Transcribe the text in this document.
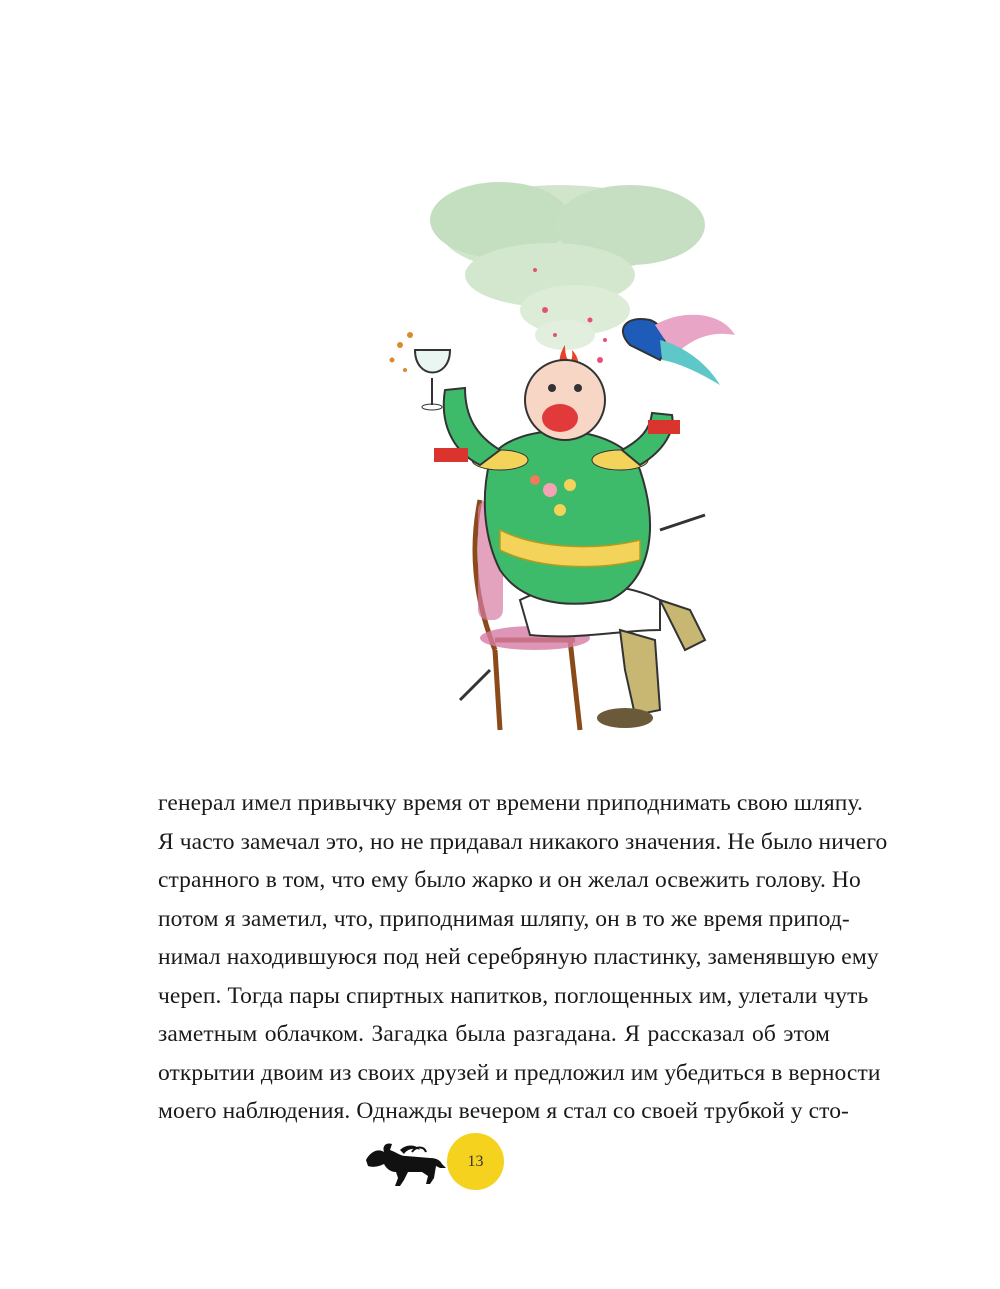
генерал имел привычку время от времени приподнимать свою шляпу.
Я часто замечал это, но не придавал никакого значения. Не было ничего
странного в том, что ему было жарко и он желал освежить голову. Но
потом я заметил, что, приподнимая шляпу, он в то же время припод-
нимал находившуюся под ней серебряную пластинку, заменявшую ему
череп. Тогда пары спиртных напитков, поглощенных им, улетали чуть
заметным облачком. Загадка была разгадана. Я рассказал об этом
открытии двоим из своих друзей и предложил им убедиться в верности
моего наблюдения. Однажды вечером я стал со своей трубкой у сто-
13
